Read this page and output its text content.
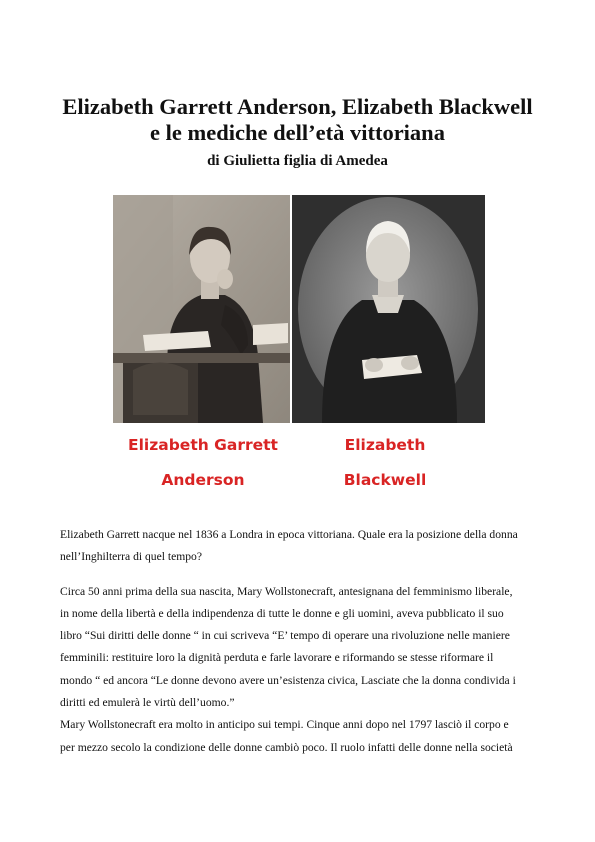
Elizabeth Garrett Anderson, Elizabeth Blackwell
e le mediche dell’età vittoriana
di Giulietta figlia di Amedea
Elizabeth Garrett
Anderson
Elizabeth
Blackwell

Elizabeth Garrett nacque nel 1836 a Londra in epoca vittoriana. Quale era la posizione della donna
nell’Inghilterra di quel tempo?

Circa 50 anni prima della sua nascita, Mary Wollstonecraft, antesignana del femminismo liberale,
in nome della libertà e della indipendenza di tutte le donne e gli uomini, aveva pubblicato il suo
libro “Sui diritti delle donne “ in cui scriveva “E’ tempo di operare una rivoluzione nelle maniere
femminili: restituire loro la dignità perduta e farle lavorare e riformando se stesse riformare il
mondo “ ed ancora “Le donne devono avere un’esistenza civica, Lasciate che la donna condivida i
diritti ed emulerà le virtù dell’uomo.”
Mary Wollstonecraft era molto in anticipo sui tempi. Cinque anni dopo nel 1797 lasciò il corpo e
per mezzo secolo la condizione delle donne cambiò poco. Il ruolo infatti delle donne nella società
